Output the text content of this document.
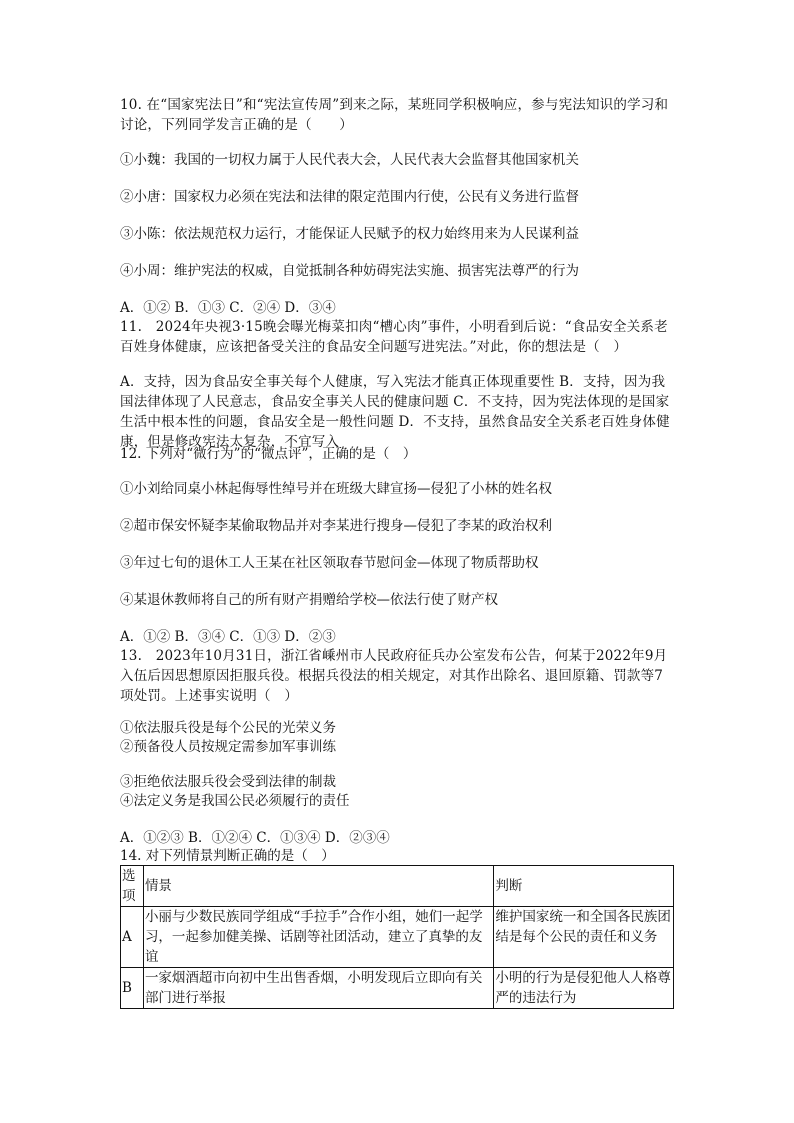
10. 在“国家宪法日”和“宪法宣传周”到来之际，某班同学积极响应，参与宪法知识的学习和讨论，下列同学发言正确的是（　　）

①小魏：我国的一切权力属于人民代表大会，人民代表大会监督其他国家机关

②小唐：国家权力必须在宪法和法律的限定范围内行使，公民有义务进行监督

③小陈：依法规范权力运行，才能保证人民赋予的权力始终用来为人民谋利益

④小周：维护宪法的权威，自觉抵制各种妨碍宪法实施、损害宪法尊严的行为

A．①② B．①③ C．②④ D．③④

11.　2024年央视3·15晚会曝光梅菜扣肉“槽心肉”事件，小明看到后说：“食品安全关系老百姓身体健康，应该把备受关注的食品安全问题写进宪法。”对此，你的想法是（　）

A．支持，因为食品安全事关每个人健康，写入宪法才能真正体现重要性 B．支持，因为我国法律体现了人民意志，食品安全事关人民的健康问题 C．不支持，因为宪法体现的是国家生活中根本性的问题，食品安全是一般性问题 D．不支持，虽然食品安全关系老百姓身体健康，但是修改宪法太复杂，不宜写入

12. 下列对“微行为”的“微点评”，正确的是（　）

①小刘给同桌小林起侮辱性绰号并在班级大肆宣扬—侵犯了小林的姓名权

②超市保安怀疑李某偷取物品并对李某进行搜身—侵犯了李某的政治权利

③年过七旬的退休工人王某在社区领取春节慰问金—体现了物质帮助权

④某退休教师将自己的所有财产捐赠给学校—依法行使了财产权

A．①② B．③④ C．①③ D．②③

13.　2023年10月31日，浙江省嵊州市人民政府征兵办公室发布公告，何某于2022年9月入伍后因思想原因拒服兵役。根据兵役法的相关规定，对其作出除名、退回原籍、罚款等7项处罚。上述事实说明（　）

①依法服兵役是每个公民的光荣义务

②预备役人员按规定需参加军事训练

③拒绝依法服兵役会受到法律的制裁

④法定义务是我国公民必须履行的责任

A．①②③ B．①②④ C．①③④ D．②③④

14. 对下列情景判断正确的是（　）

选项	情景	判断
A	小丽与少数民族同学组成“手拉手”合作小组，她们一起学习，一起参加健美操、话剧等社团活动，建立了真挚的友谊	维护国家统一和全国各民族团结是每个公民的责任和义务
B	一家烟酒超市向初中生出售香烟，小明发现后立即向有关部门进行举报	小明的行为是侵犯他人人格尊严的违法行为
